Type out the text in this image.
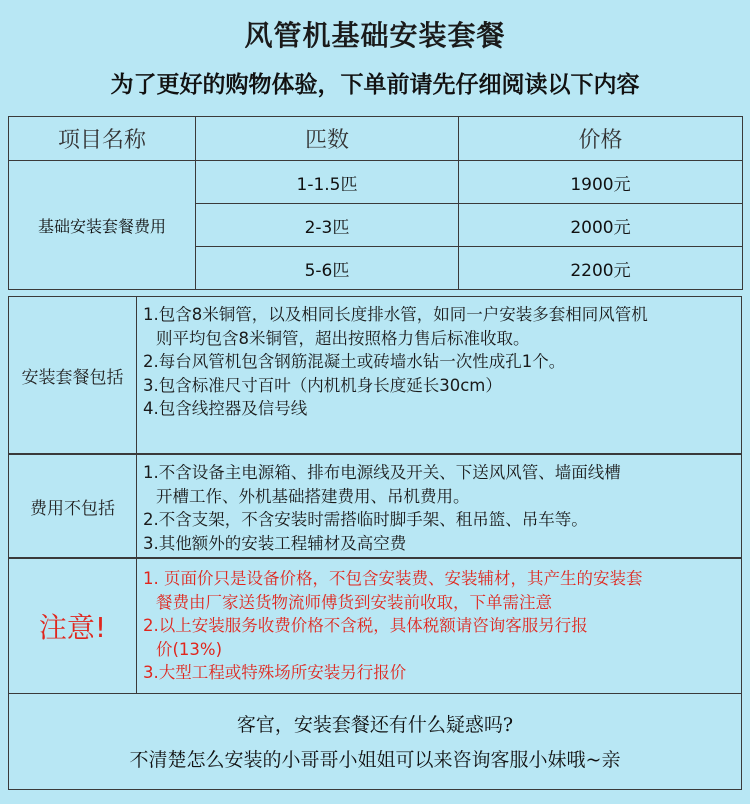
风管机基础安装套餐
为了更好的购物体验，下单前请先仔细阅读以下内容
项目名称	匹数	价格
基础安装套餐费用	1-1.5匹	1900元
	2-3匹	2000元
	5-6匹	2200元
安装套餐包括
1.包含8米铜管，以及相同长度排水管，如同一户安装多套相同风管机
则平均包含8米铜管，超出按照格力售后标准收取。
2.每台风管机包含钢筋混凝土或砖墙水钻一次性成孔1个。
3.包含标准尺寸百叶（内机机身长度延长30cm）
4.包含线控器及信号线
费用不包括
1.不含设备主电源箱、排布电源线及开关、下送风风管、墙面线槽
开槽工作、外机基础搭建费用、吊机费用。
2.不含支架，不含安装时需搭临时脚手架、租吊篮、吊车等。
3.其他额外的安装工程辅材及高空费
注意!
1. 页面价只是设备价格，不包含安装费、安装辅材，其产生的安装套
餐费由厂家送货物流师傅货到安装前收取，下单需注意
2.以上安装服务收费价格不含税，具体税额请咨询客服另行报
价(13%)
3.大型工程或特殊场所安装另行报价
客官，安装套餐还有什么疑惑吗?
不清楚怎么安装的小哥哥小姐姐可以来咨询客服小妹哦~亲
